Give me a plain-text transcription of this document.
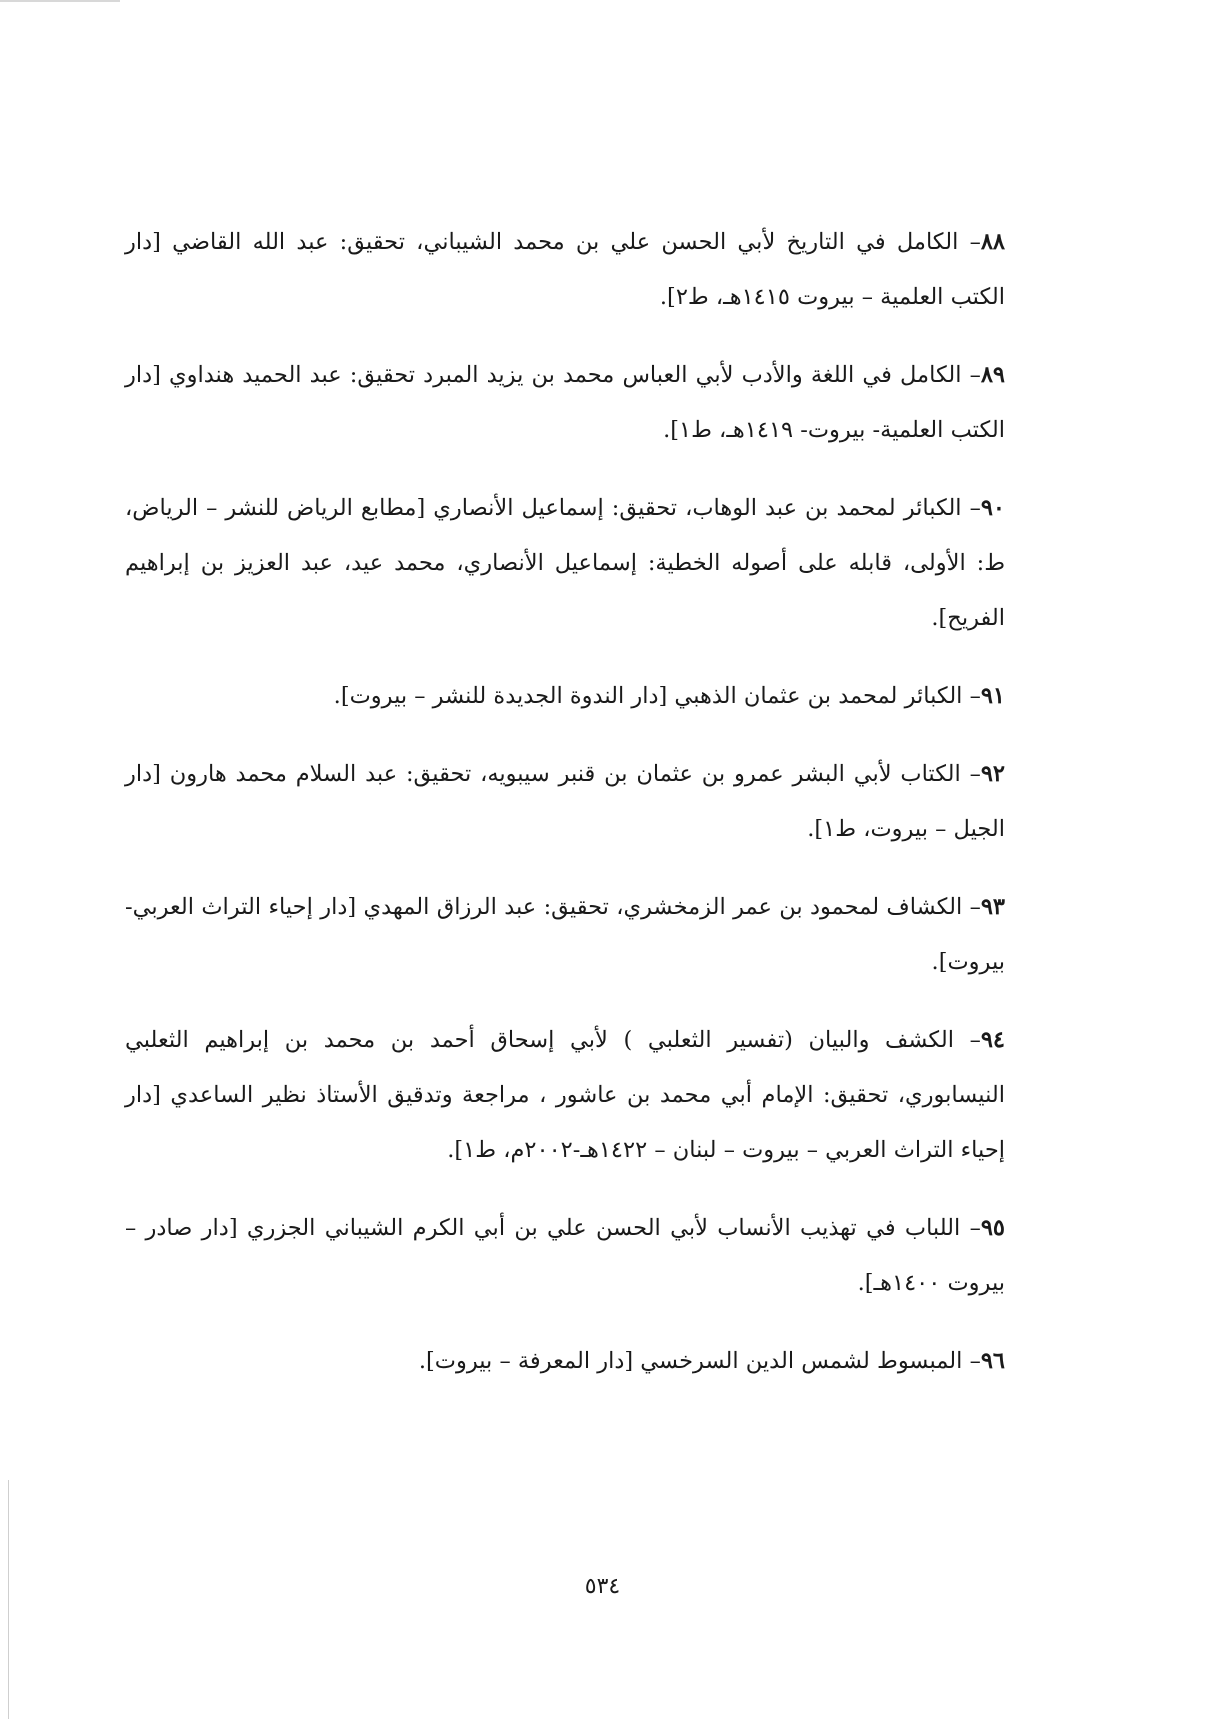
٨٨– الكامل في التاريخ لأبي الحسن علي بن محمد الشيباني، تحقيق: عبد الله القاضي [دار الكتب العلمية – بيروت ١٤١٥هـ، ط٢].

٨٩– الكامل في اللغة والأدب لأبي العباس محمد بن يزيد المبرد تحقيق: عبد الحميد هنداوي [دار الكتب العلمية- بيروت- ١٤١٩هـ، ط١].

٩٠– الكبائر لمحمد بن عبد الوهاب، تحقيق: إسماعيل الأنصاري [مطابع الرياض للنشر – الرياض، ط: الأولى، قابله على أصوله الخطية: إسماعيل الأنصاري، محمد عيد، عبد العزيز بن إبراهيم الفريح].

٩١– الكبائر لمحمد بن عثمان الذهبي [دار الندوة الجديدة للنشر – بيروت].

٩٢– الكتاب لأبي البشر عمرو بن عثمان بن قنبر سيبويه، تحقيق: عبد السلام محمد هارون [دار الجيل – بيروت، ط١].

٩٣– الكشاف لمحمود بن عمر الزمخشري، تحقيق: عبد الرزاق المهدي [دار إحياء التراث العربي- بيروت].

٩٤– الكشف والبيان (تفسير الثعلبي ) لأبي إسحاق أحمد بن محمد بن إبراهيم الثعلبي النيسابوري، تحقيق: الإمام أبي محمد بن عاشور ، مراجعة وتدقيق الأستاذ نظير الساعدي [دار إحياء التراث العربي – بيروت – لبنان – ١٤٢٢هـ-٢٠٠٢م، ط١].

٩٥– اللباب في تهذيب الأنساب لأبي الحسن علي بن أبي الكرم الشيباني الجزري [دار صادر – بيروت ١٤٠٠هـ].

٩٦– المبسوط لشمس الدين السرخسي [دار المعرفة – بيروت].

٥٣٤
